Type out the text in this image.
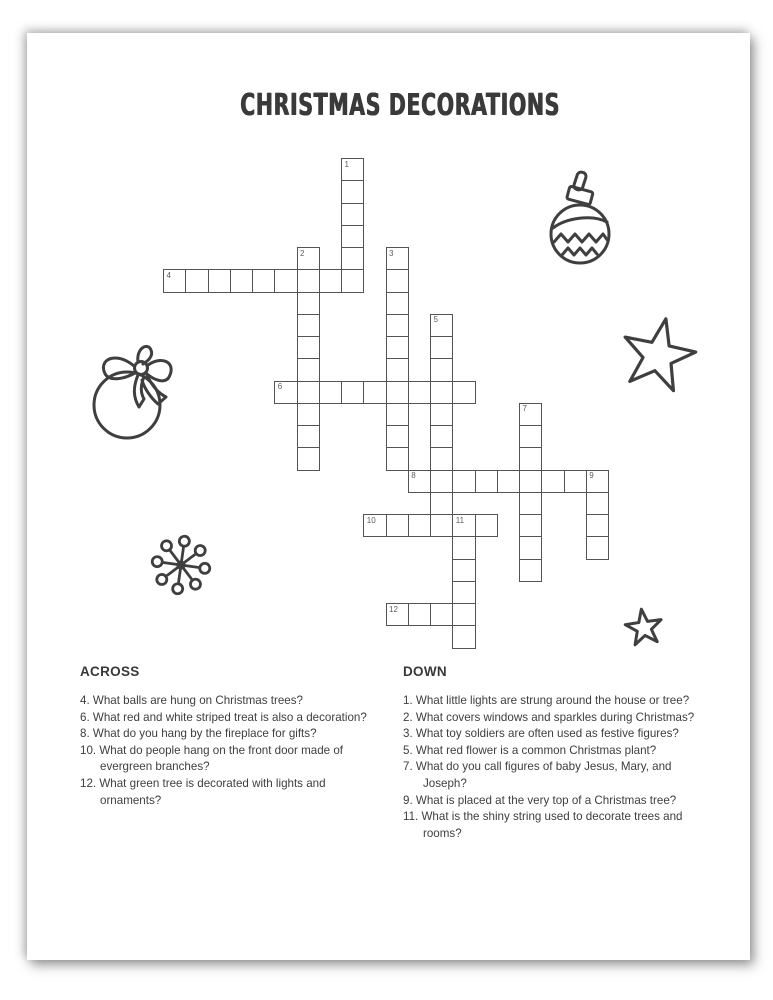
CHRISTMAS DECORATIONS
1
2	3
4
5
6
7
8	9
10	11
12
ACROSS
4. What balls are hung on Christmas trees?
6. What red and white striped treat is also a decoration?
8. What do you hang by the fireplace for gifts?
10. What do people hang on the front door made of evergreen branches?
12. What green tree is decorated with lights and ornaments?
DOWN
1. What little lights are strung around the house or tree?
2. What covers windows and sparkles during Christmas?
3. What toy soldiers are often used as festive figures?
5. What red flower is a common Christmas plant?
7. What do you call figures of baby Jesus, Mary, and Joseph?
9. What is placed at the very top of a Christmas tree?
11. What is the shiny string used to decorate trees and rooms?
